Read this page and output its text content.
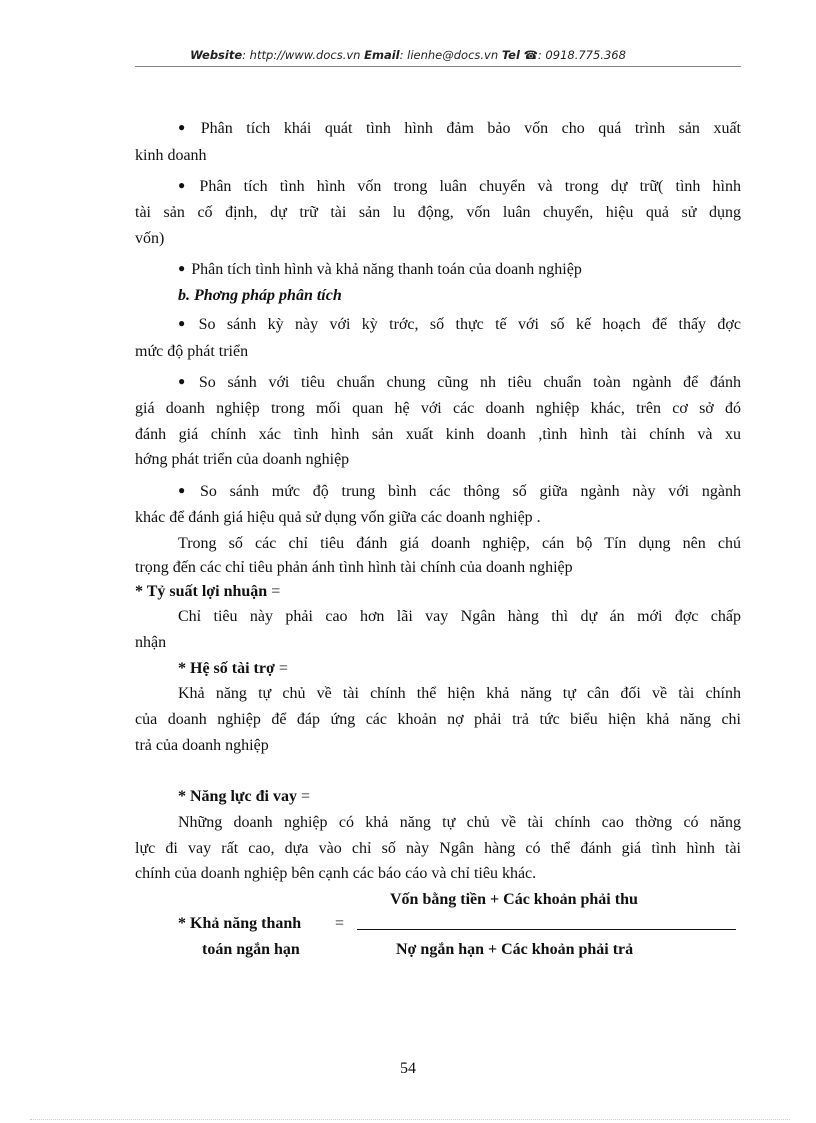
Website: http://www.docs.vn Email: lienhe@docs.vn Tel ☎: 0918.775.368
● Phân tích khái quát tình hình đảm bảo vốn cho quá trình sản xuất
kinh doanh
● Phân tích tình hình vốn trong luân chuyển và trong dự trữ( tình hình
tài sản cố định, dự trữ tài sản lu động, vốn luân chuyển, hiệu quả sử dụng
vốn)
● Phân tích tình hình và khả năng thanh toán của doanh nghiệp
b. Phơng pháp phân tích
● So sánh kỳ này với kỳ trớc, số thực tế với số kế hoạch để thấy đợc
mức độ phát triển
● So sánh với tiêu chuẩn chung cũng nh tiêu chuẩn toàn ngành để đánh
giá doanh nghiệp trong mối quan hệ với các doanh nghiệp khác, trên cơ sở đó
đánh giá chính xác tình hình sản xuất kinh doanh ,tình hình tài chính và xu
hớng phát triển của doanh nghiệp
● So sánh mức độ trung bình các thông số giữa ngành này với ngành
khác để đánh giá hiệu quả sử dụng vốn giữa các doanh nghiệp .
Trong số các chỉ tiêu đánh giá doanh nghiệp, cán bộ Tín dụng nên chú
trọng đến các chỉ tiêu phản ánh tình hình tài chính của doanh nghiệp
* Tỷ suất lợi nhuận =
Chỉ tiêu này phải cao hơn lãi vay Ngân hàng thì dự án mới đợc chấp
nhận
* Hệ số tài trợ =
Khả năng tự chủ về tài chính thể hiện khả năng tự cân đối về tài chính
của doanh nghiệp để đáp ứng các khoản nợ phải trả tức biểu hiện khả năng chi
trả của doanh nghiệp
* Năng lực đi vay =
Những doanh nghiệp có khả năng tự chủ về tài chính cao thờng có năng
lực đi vay rất cao, dựa vào chỉ số này Ngân hàng có thể đánh giá tình hình tài
chính của doanh nghiệp bên cạnh các báo cáo và chỉ tiêu khác.
Vốn bằng tiền + Các khoản phải thu
* Khả năng thanh =
toán ngắn hạn	Nợ ngắn hạn + Các khoản phải trả
54
